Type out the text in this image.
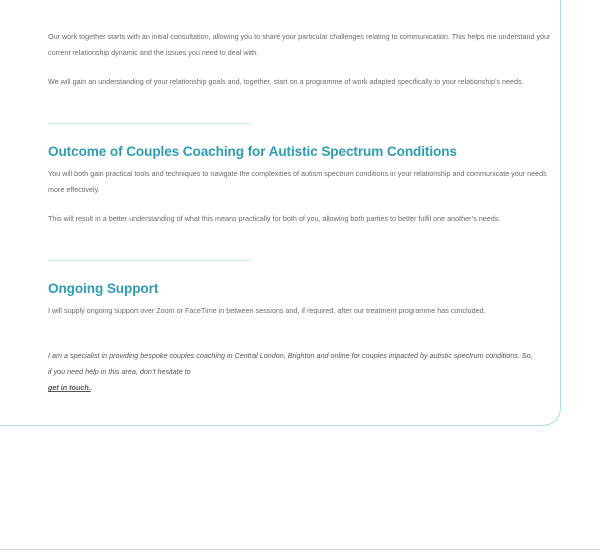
Our work together starts with an initial consultation, allowing you to share your particular challenges relating to communication. This helps me understand your current relationship dynamic and the issues you need to deal with.

We will gain an understanding of your relationship goals and, together, start on a programme of work adapted specifically to your relationship’s needs.

Outcome of Couples Coaching for Autistic Spectrum Conditions

You will both gain practical tools and techniques to navigate the complexities of autism spectrum conditions in your relationship and communicate your needs more effectively.

This will result in a better understanding of what this means practically for both of you, allowing both parties to better fulfil one another’s needs.

Ongoing Support

I will supply ongoing support over Zoom or FaceTime in between sessions and, if required, after our treatment programme has concluded.

I am a specialist in providing bespoke couples coaching in Central London, Brighton and online for couples impacted by autistic spectrum conditions. So, if you need help in this area, don’t hesitate to
get in touch..
